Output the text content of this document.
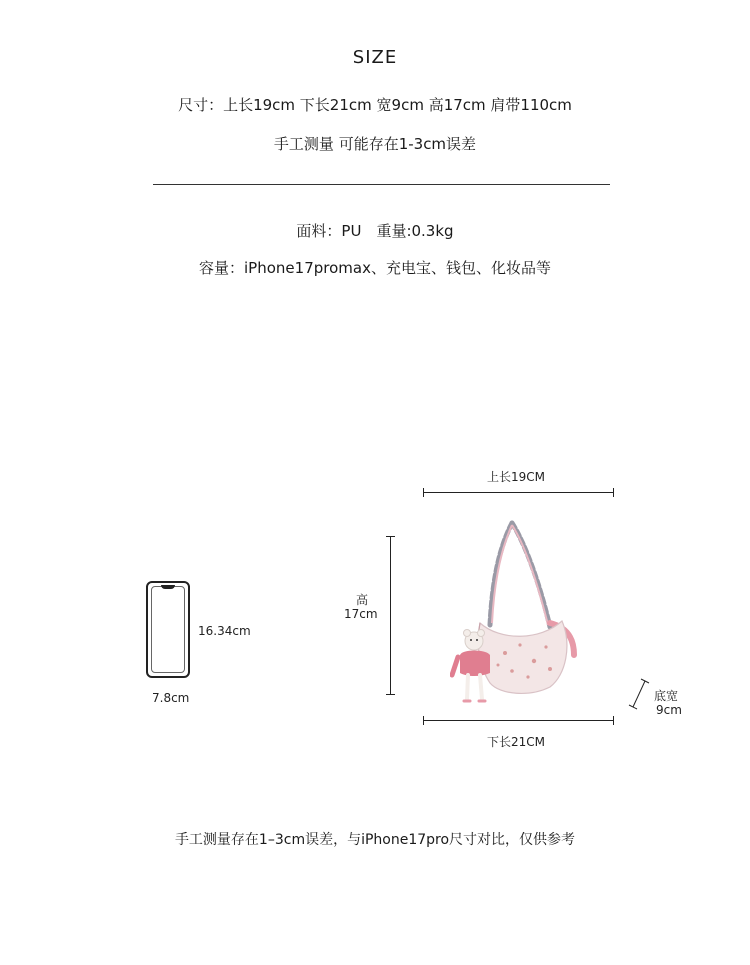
SIZE
尺寸：上长19cm 下长21cm 宽9cm 高17cm 肩带110cm
手工测量 可能存在1-3cm误差
面料：PU　重量:0.3kg
容量：iPhone17promax、充电宝、钱包、化妆品等
16.34cm
7.8cm
上长19CM
高
17cm
下长21CM
底宽
9cm
手工测量存在1–3cm误差，与iPhone17pro尺寸对比，仅供参考
